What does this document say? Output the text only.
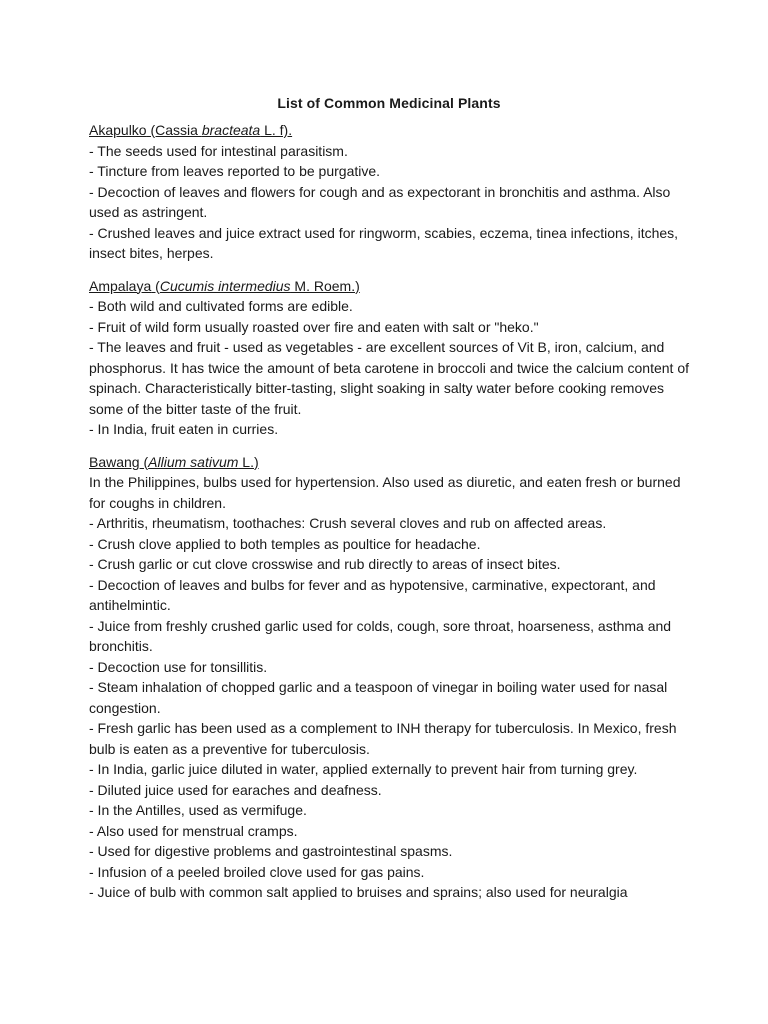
List of Common Medicinal Plants

Akapulko (Cassia bracteata L. f).

- The seeds used for intestinal parasitism.

- Tincture from leaves reported to be purgative.

- Decoction of leaves and flowers for cough and as expectorant in bronchitis and asthma. Also used as astringent.

- Crushed leaves and juice extract used for ringworm, scabies, eczema, tinea infections, itches, insect bites, herpes.

Ampalaya (Cucumis intermedius M. Roem.)

- Both wild and cultivated forms are edible.

- Fruit of wild form usually roasted over fire and eaten with salt or "heko."

- The leaves and fruit - used as vegetables - are excellent sources of Vit B, iron, calcium, and phosphorus. It has twice the amount of beta carotene in broccoli and twice the calcium content of spinach. Characteristically bitter-tasting, slight soaking in salty water before cooking removes some of the bitter taste of the fruit.

- In India, fruit eaten in curries.

Bawang (Allium sativum L.)

In the Philippines, bulbs used for hypertension. Also used as diuretic, and eaten fresh or burned for coughs in children.

- Arthritis, rheumatism, toothaches: Crush several cloves and rub on affected areas.

- Crush clove applied to both temples as poultice for headache.

- Crush garlic or cut clove crosswise and rub directly to areas of insect bites.

- Decoction of leaves and bulbs for fever and as hypotensive, carminative, expectorant, and antihelmintic.

- Juice from freshly crushed garlic used for colds, cough, sore throat, hoarseness, asthma and bronchitis.

- Decoction use for tonsillitis.

- Steam inhalation of chopped garlic and a teaspoon of vinegar in boiling water used for nasal congestion.

- Fresh garlic has been used as a complement to INH therapy for tuberculosis. In Mexico, fresh bulb is eaten as a preventive for tuberculosis.

- In India, garlic juice diluted in water, applied externally to prevent hair from turning grey.

- Diluted juice used for earaches and deafness.

- In the Antilles, used as vermifuge.

- Also used for menstrual cramps.

- Used for digestive problems and gastrointestinal spasms.

- Infusion of a peeled broiled clove used for gas pains.

- Juice of bulb with common salt applied to bruises and sprains; also used for neuralgia
